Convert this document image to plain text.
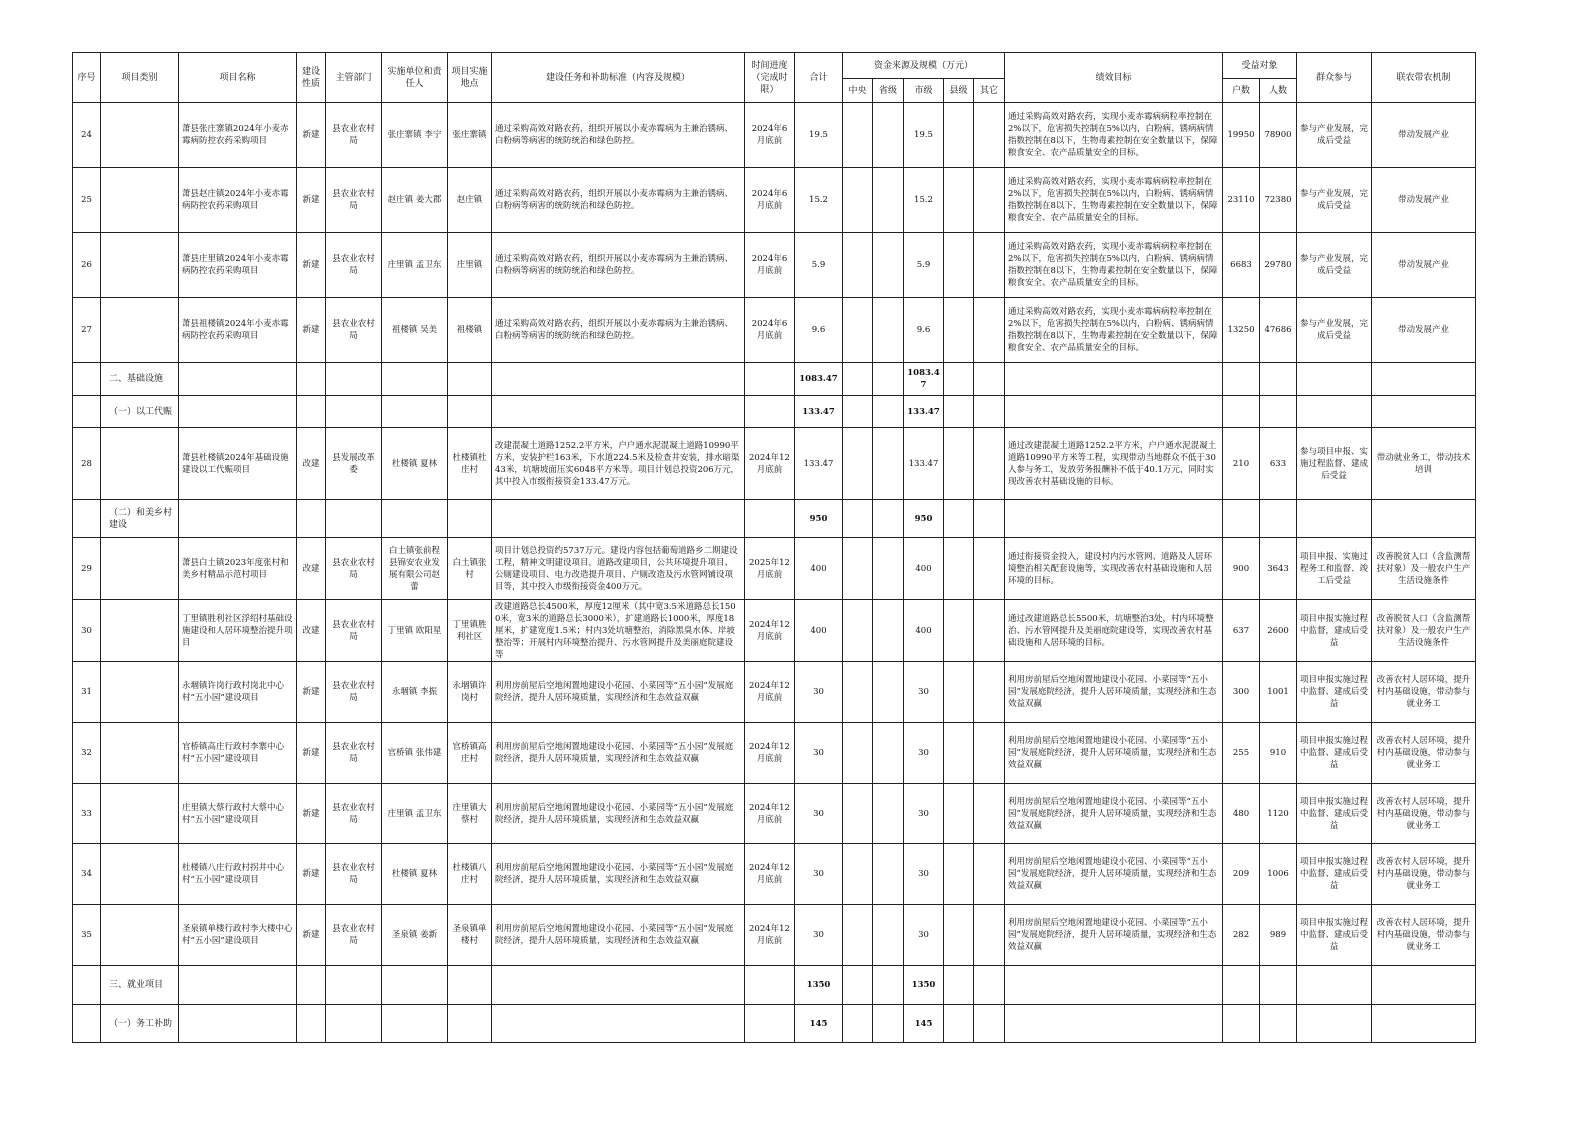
序号	项目类别	项目名称	建设性质	主管部门	实施单位和责任人	项目实施地点	建设任务和补助标准（内容及规模）	时间进度（完成时限）	合计	资金来源及规模（万元）					绩效目标	受益对象		群众参与	联农带农机制
										中央	省级	市级	县级	其它		户数	人数		
24		萧县张庄寨镇2024年小麦赤霉病防控农药采购项目	新建	县农业农村局	张庄寨镇 李宁	张庄寨镇	通过采购高效对路农药，组织开展以小麦赤霉病为主兼治锈病、白粉病等病害的统防统治和绿色防控。	2024年6月底前	19.5			19.5			通过采购高效对路农药，实现小麦赤霉病病粒率控制在2%以下，危害损失控制在5%以内，白粉病、锈病病情指数控制在8以下，生物毒素控制在安全数量以下，保障粮食安全、农产品质量安全的目标。	19950	78900	参与产业发展，完成后受益	带动发展产业
25		萧县赵庄镇2024年小麦赤霉病防控农药采购项目	新建	县农业农村局	赵庄镇 姜大郡	赵庄镇	通过采购高效对路农药，组织开展以小麦赤霉病为主兼治锈病、白粉病等病害的统防统治和绿色防控。	2024年6月底前	15.2			15.2			通过采购高效对路农药，实现小麦赤霉病病粒率控制在2%以下，危害损失控制在5%以内，白粉病、锈病病情指数控制在8以下，生物毒素控制在安全数量以下，保障粮食安全、农产品质量安全的目标。	23110	72380	参与产业发展，完成后受益	带动发展产业
26		萧县庄里镇2024年小麦赤霉病防控农药采购项目	新建	县农业农村局	庄里镇 孟卫东	庄里镇	通过采购高效对路农药，组织开展以小麦赤霉病为主兼治锈病、白粉病等病害的统防统治和绿色防控。	2024年6月底前	5.9			5.9			通过采购高效对路农药，实现小麦赤霉病病粒率控制在2%以下，危害损失控制在5%以内，白粉病、锈病病情指数控制在8以下，生物毒素控制在安全数量以下，保障粮食安全、农产品质量安全的目标。	6683	29780	参与产业发展，完成后受益	带动发展产业
27		萧县祖楼镇2024年小麦赤霉病防控农药采购项目	新建	县农业农村局	祖楼镇 吴美	祖楼镇	通过采购高效对路农药，组织开展以小麦赤霉病为主兼治锈病、白粉病等病害的统防统治和绿色防控。	2024年6月底前	9.6			9.6			通过采购高效对路农药，实现小麦赤霉病病粒率控制在2%以下，危害损失控制在5%以内，白粉病、锈病病情指数控制在8以下，生物毒素控制在安全数量以下，保障粮食安全、农产品质量安全的目标。	13250	47686	参与产业发展，完成后受益	带动发展产业
	二、基础设施								1083.47			1083.47							
	（一）以工代赈								133.47			133.47							
28		萧县杜楼镇2024年基础设施建设以工代赈项目	改建	县发展改革委	杜楼镇 夏林	杜楼镇杜庄村	改建混凝土道路1252.2平方米，户户通水泥混凝土道路10990平方米，安装护栏163米，下水道224.5米及检查井安装，排水暗渠43米，坑塘坡面压实6048平方米等。项目计划总投资206万元，其中投入市级衔接资金133.47万元。	2024年12月底前	133.47			133.47			通过改建混凝土道路1252.2平方米，户户通水泥混凝土道路10990平方米等工程，实现带动当地群众不低于30人参与务工，发放劳务报酬补不低于40.1万元，同时实现改善农村基础设施的目标。	210	633	参与项目申报、实施过程监督、建成后受益	带动就业务工，带动技术培训
	（二）和美乡村建设								950			950							
29		萧县白土镇2023年度张村和美乡村精品示范村项目	改建	县农业农村局	白土镇张前程 县锦安农业发展有限公司赵蕾	白土镇张村	项目计划总投资约5737万元。建设内容包括葡萄道路乡二期建设工程，精神文明建设项目，道路改建项目，公共环境提升项目、公厕建设项目、电力改造提升项目、户厕改造及污水管网铺设项目等，其中投入市级衔接资金400万元。	2025年12月底前	400			400			通过衔接资金投入，建设村内污水管网、道路及人居环境整治相关配套设施等，实现改善农村基础设施和人居环境的目标。	900	3643	项目申报、实施过程务工和监督、竣工后受益	改善脱贫人口（含监测帮扶对象）及一般农户生产生活设施条件
30		丁里镇胜利社区浮绍村基础设施建设和人居环境整治提升项目	改建	县农业农村局	丁里镇 欧阳星	丁里镇胜利社区	改建道路总长4500米，厚度12厘米（其中宽3.5米道路总长1500米，宽3米的道路总长3000米），扩建道路长1000米，厚度18厘米，扩建宽度1.5米；村内3处坑塘整治，消除黑臭水体、岸坡整治等；开展村内环境整治提升、污水管网提升及美丽庭院建设等	2024年12月底前	400			400			通过改建道路总长5500米，坑塘整治3处，村内环境整治、污水管网提升及美丽庭院建设等，实现改善农村基础设施和人居环境的目标。	637	2600	项目申报实施过程中监督，建成后受益	改善脱贫人口（含监测帮扶对象）及一般农户生产生活设施条件
31		永堌镇许岗行政村岗北中心村“五小园”建设项目	新建	县农业农村局	永堌镇 李振	永堌镇许岗村	利用房前屋后空地闲置地建设小花园、小菜园等“五小园”发展庭院经济，提升人居环境质量，实现经济和生态效益双赢	2024年12月底前	30			30			利用房前屋后空地闲置地建设小花园、小菜园等“五小园”发展庭院经济，提升人居环境质量，实现经济和生态效益双赢	300	1001	项目申报实施过程中监督、建成后受益	改善农村人居环境，提升村内基础设施，带动参与就业务工
32		官桥镇高庄行政村李寨中心村“五小园”建设项目	新建	县农业农村局	官桥镇 张伟建	官桥镇高庄村	利用房前屋后空地闲置地建设小花园、小菜园等“五小园”发展庭院经济，提升人居环境质量，实现经济和生态效益双赢	2024年12月底前	30			30			利用房前屋后空地闲置地建设小花园、小菜园等“五小园”发展庭院经济，提升人居环境质量，实现经济和生态效益双赢	255	910	项目申报实施过程中监督、建成后受益	改善农村人居环境，提升村内基础设施，带动参与就业务工
33		庄里镇大蔡行政村大蔡中心村“五小园”建设项目	新建	县农业农村局	庄里镇 孟卫东	庄里镇大蔡村	利用房前屋后空地闲置地建设小花园、小菜园等“五小园”发展庭院经济，提升人居环境质量，实现经济和生态效益双赢	2024年12月底前	30			30			利用房前屋后空地闲置地建设小花园、小菜园等“五小园”发展庭院经济，提升人居环境质量，实现经济和生态效益双赢	480	1120	项目申报实施过程中监督、建成后受益	改善农村人居环境，提升村内基础设施，带动参与就业务工
34		杜楼镇八庄行政村拐井中心村“五小园”建设项目	新建	县农业农村局	杜楼镇 夏林	杜楼镇八庄村	利用房前屋后空地闲置地建设小花园、小菜园等“五小园”发展庭院经济，提升人居环境质量，实现经济和生态效益双赢	2024年12月底前	30			30			利用房前屋后空地闲置地建设小花园、小菜园等“五小园”发展庭院经济，提升人居环境质量，实现经济和生态效益双赢	209	1006	项目申报实施过程中监督、建成后受益	改善农村人居环境，提升村内基础设施，带动参与就业务工
35		圣泉镇单楼行政村李大楼中心村“五小园”建设项目	新建	县农业农村局	圣泉镇 姜新	圣泉镇单楼村	利用房前屋后空地闲置地建设小花园、小菜园等“五小园”发展庭院经济，提升人居环境质量，实现经济和生态效益双赢	2024年12月底前	30			30			利用房前屋后空地闲置地建设小花园、小菜园等“五小园”发展庭院经济，提升人居环境质量，实现经济和生态效益双赢	282	989	项目申报实施过程中监督、建成后受益	改善农村人居环境，提升村内基础设施，带动参与就业务工
	三、就业项目								1350			1350							
	（一）务工补助								145			145							
